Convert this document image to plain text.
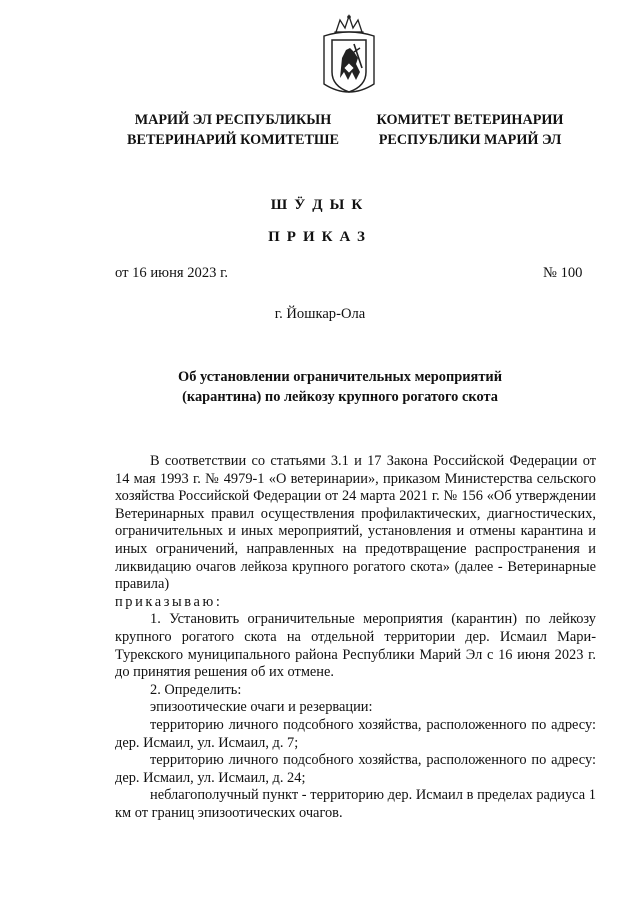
МАРИЙ ЭЛ РЕСПУБЛИКЫН
ВЕТЕРИНАРИЙ КОМИТЕТШЕ
КОМИТЕТ ВЕТЕРИНАРИИ
РЕСПУБЛИКИ МАРИЙ ЭЛ
ШӰДЫК
ПРИКАЗ
от 16 июня 2023 г.	№ 100
г. Йошкар-Ола
Об установлении ограничительных мероприятий
(карантина) по лейкозу крупного рогатого скота

В соответствии со статьями 3.1 и 17 Закона Российской Федерации от 14 мая 1993 г. № 4979-1 «О ветеринарии», приказом Министерства сельского хозяйства Российской Федерации от 24 марта 2021 г. № 156 «Об утверждении Ветеринарных правил осуществления профилактических, диагностических, ограничительных и иных мероприятий, установления и отмены карантина и иных ограничений, направленных на предотвращение распространения и ликвидацию очагов лейкоза крупного рогатого скота» (далее - Ветеринарные правила)

приказываю:

1. Установить ограничительные мероприятия (карантин) по лейкозу крупного рогатого скота на отдельной территории дер. Исмаил Мари-Турекского муниципального района Республики Марий Эл с 16 июня 2023 г. до принятия решения об их отмене.

2. Определить:

эпизоотические очаги и резервации:

территорию личного подсобного хозяйства, расположенного по адресу: дер. Исмаил, ул. Исмаил, д. 7;

территорию личного подсобного хозяйства, расположенного по адресу: дер. Исмаил, ул. Исмаил, д. 24;

неблагополучный пункт - территорию дер. Исмаил в пределах радиуса 1 км от границ эпизоотических очагов.
